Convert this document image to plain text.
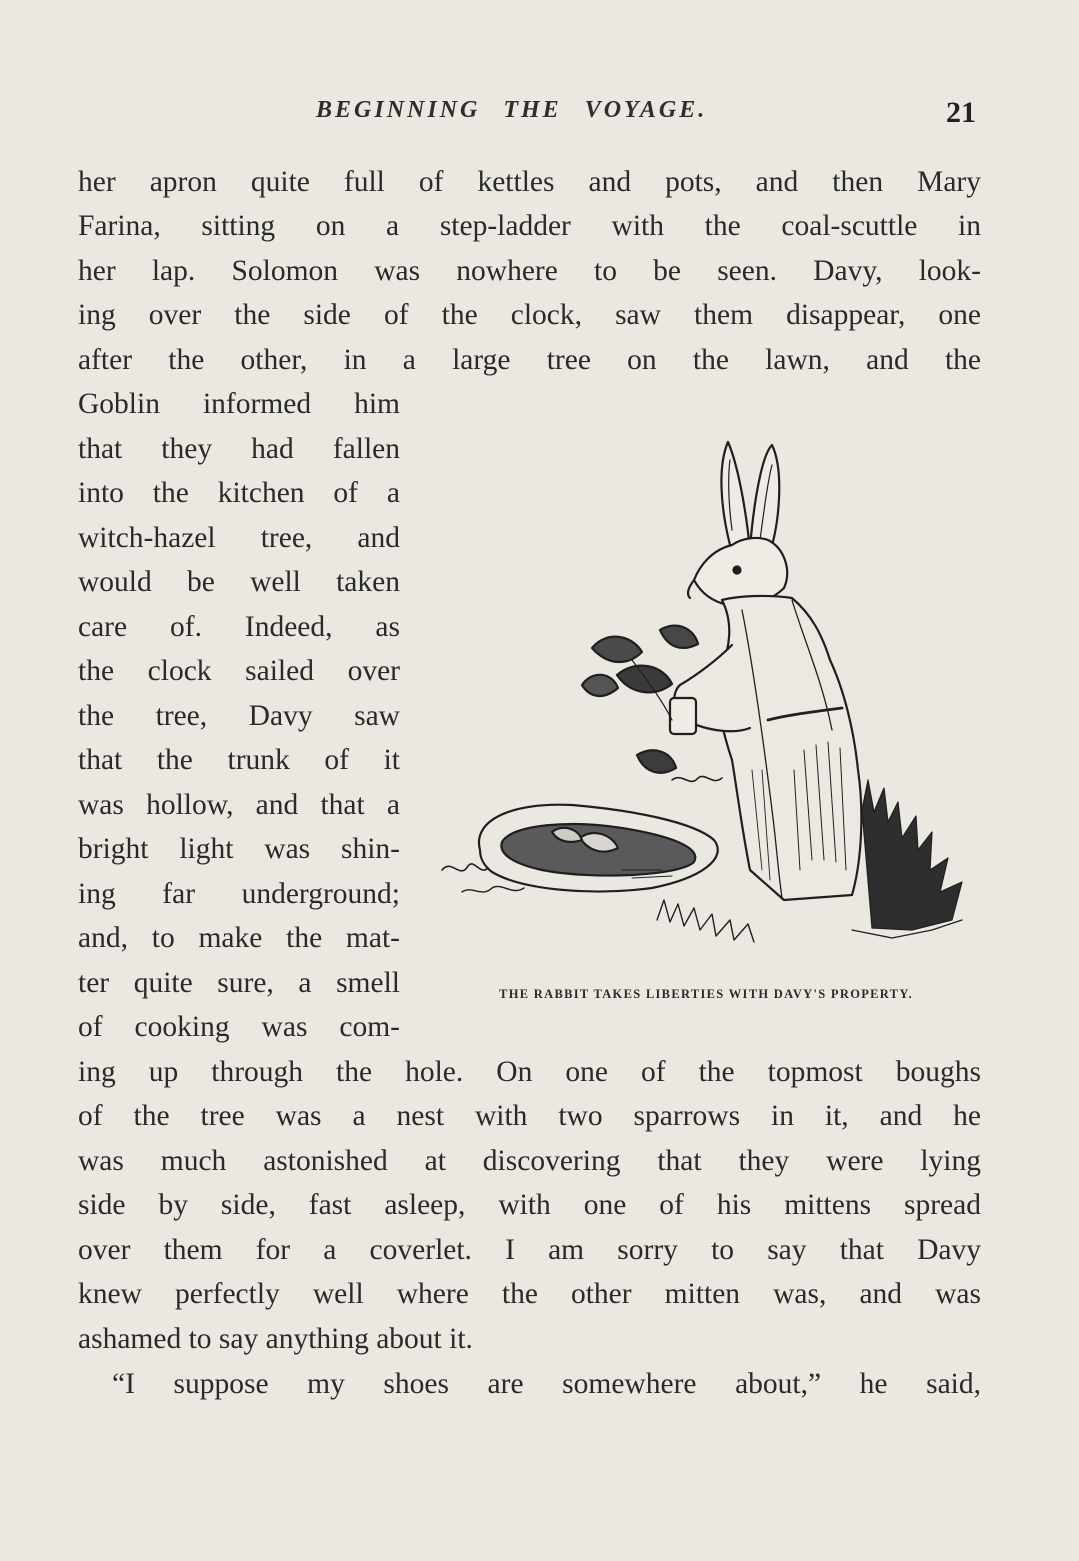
BEGINNING THE VOYAGE.	21
her apron quite full of kettles and pots, and then Mary
Farina, sitting on a step-ladder with the coal-scuttle in
her lap. Solomon was nowhere to be seen. Davy, look-
ing over the side of the clock, saw them disappear, one
after the other, in a large tree on the lawn, and the
Goblin informed him
that they had fallen
into the kitchen of a
witch-hazel tree, and
would be well taken
care of. Indeed, as
the clock sailed over
the tree, Davy saw
that the trunk of it
was hollow, and that a
bright light was shin-
ing far underground;
and, to make the mat-
ter quite sure, a smell
of cooking was com-
ing up through the hole. On one of the topmost boughs
of the tree was a nest with two sparrows in it, and he
was much astonished at discovering that they were lying
side by side, fast asleep, with one of his mittens spread
over them for a coverlet. I am sorry to say that Davy
knew perfectly well where the other mitten was, and was
ashamed to say anything about it.
“I suppose my shoes are somewhere about,” he said,
THE RABBIT TAKES LIBERTIES WITH DAVY'S PROPERTY.
